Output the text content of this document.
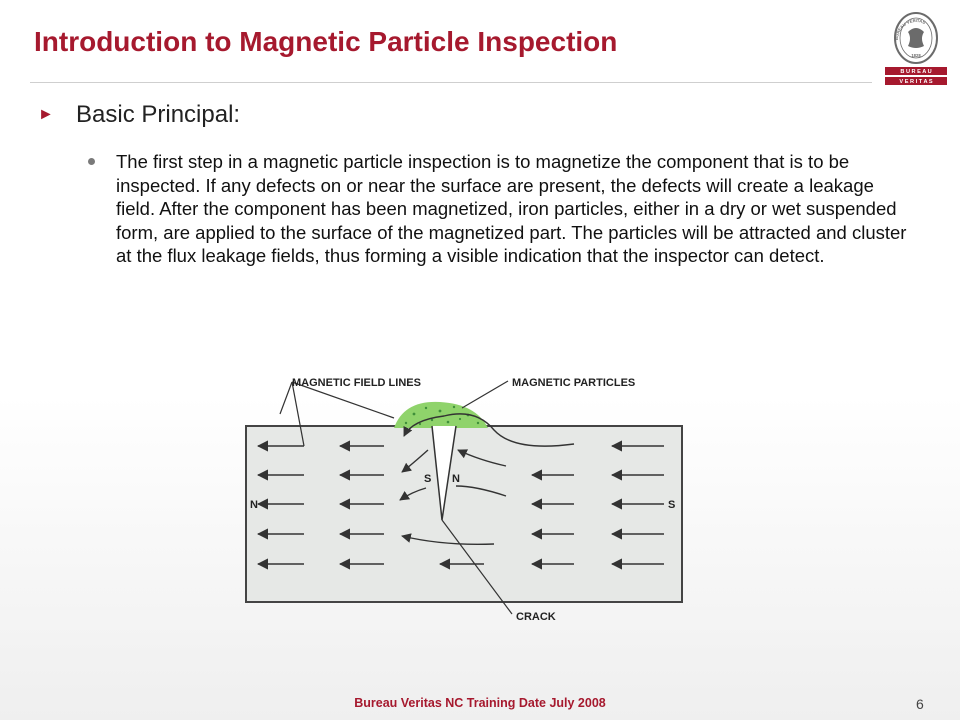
Introduction to Magnetic Particle Inspection	BUREAU VERITAS
1828
B U R E A U
V E R I T A S
► Basic Principal:

The first step in a magnetic particle inspection is to magnetize the component that is to be inspected. If any defects on or near the surface are present, the defects will create a leakage field. After the component has been magnetized, iron particles, either in a dry or wet suspended form, are applied to the surface of the magnetized part. The particles will be attracted and cluster at the flux leakage fields, thus forming a visible indication that the inspector can detect.

MAGNETIC FIELD LINES	MAGNETIC PARTICLES
CRACK
N	S
S N
Bureau Veritas NC Training Date July 2008	6
